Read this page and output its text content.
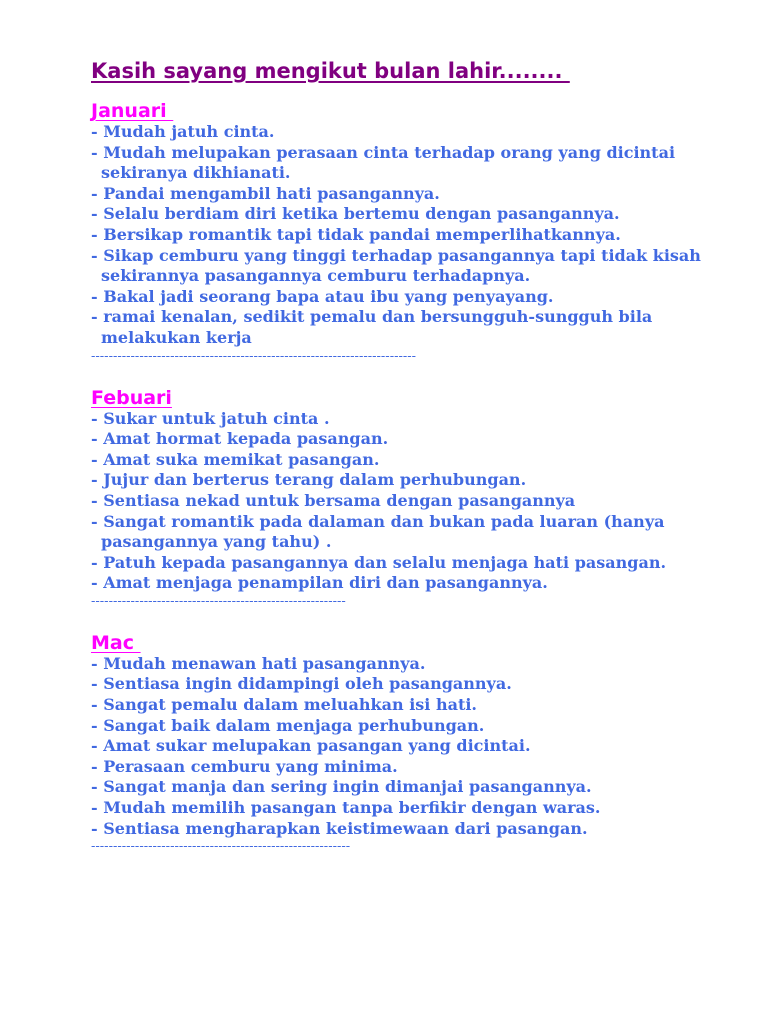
Kasih sayang mengikut bulan lahir........
Januari
- Mudah jatuh cinta.
- Mudah melupakan perasaan cinta terhadap orang yang dicintai sekiranya dikhianati.
- Pandai mengambil hati pasangannya.
- Selalu berdiam diri ketika bertemu dengan pasangannya.
- Bersikap romantik tapi tidak pandai memperlihatkannya.
- Sikap cemburu yang tinggi terhadap pasangannya tapi tidak kisah sekirannya pasangannya cemburu terhadapnya.
- Bakal jadi seorang bapa atau ibu yang penyayang.
- ramai kenalan, sedikit pemalu dan bersungguh-sungguh bila melakukan kerja

--------------------------------------------------------------------------

Febuari
- Sukar untuk jatuh cinta .
- Amat hormat kepada pasangan.
- Amat suka memikat pasangan.
- Jujur dan berterus terang dalam perhubungan.
- Sentiasa nekad untuk bersama dengan pasangannya
- Sangat romantik pada dalaman dan bukan pada luaran (hanya pasangannya yang tahu) .
- Patuh kepada pasangannya dan selalu menjaga hati pasangan.
- Amat menjaga penampilan diri dan pasangannya.

----------------------------------------------------------

Mac
- Mudah menawan hati pasangannya.
- Sentiasa ingin didampingi oleh pasangannya.
- Sangat pemalu dalam meluahkan isi hati.
- Sangat baik dalam menjaga perhubungan.
- Amat sukar melupakan pasangan yang dicintai.
- Perasaan cemburu yang minima.
- Sangat manja dan sering ingin dimanjai pasangannya.
- Mudah memilih pasangan tanpa berfikir dengan waras.
- Sentiasa mengharapkan keistimewaan dari pasangan.

-----------------------------------------------------------
